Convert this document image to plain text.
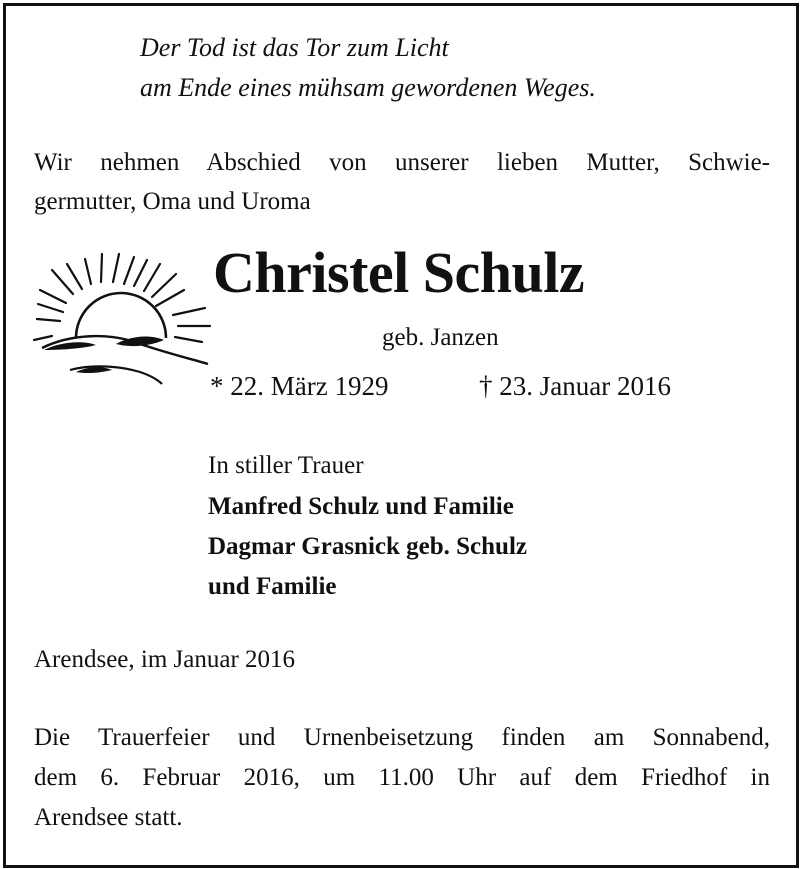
Der Tod ist das Tor zum Licht
am Ende eines mühsam gewordenen Weges.
Wir nehmen Abschied von unserer lieben Mutter, Schwie-
germutter, Oma und Uroma
Christel Schulz
geb. Janzen
* 22. März 1929	† 23. Januar 2016
In stiller Trauer
Manfred Schulz und Familie
Dagmar Grasnick geb. Schulz
und Familie
Arendsee, im Januar 2016
Die Trauerfeier und Urnenbeisetzung finden am Sonnabend,
dem 6. Februar 2016, um 11.00 Uhr auf dem Friedhof in
Arendsee statt.
